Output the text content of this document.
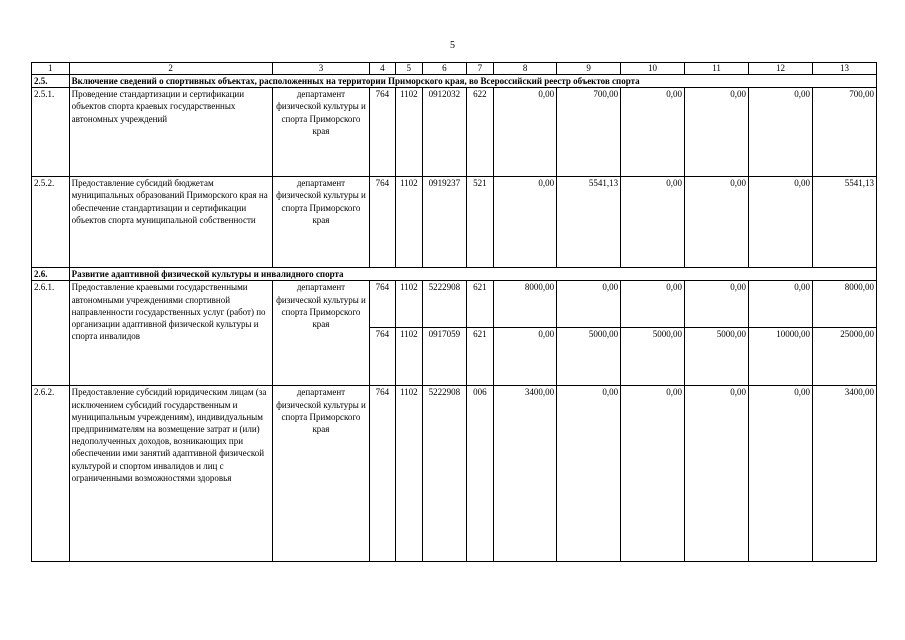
5
1	2	3	4	5	6	7	8	9	10	11	12	13
2.5.	Включение сведений о спортивных объектах, расположенных на территории Приморского края, во Всероссийский реестр объектов спорта											
2.5.1.	Проведение стандартизации и сертификации объектов спорта краевых государственных автономных учреждений	департамент физической культуры и спорта Приморского края	764	1102	0912032	622	0,00	700,00	0,00	0,00	0,00	700,00
2.5.2.	Предоставление субсидий бюджетам муниципальных образований Приморского края на обеспечение стандартизации и сертификации объектов спорта муниципальной собственности	департамент физической культуры и спорта Приморского края	764	1102	0919237	521	0,00	5541,13	0,00	0,00	0,00	5541,13
2.6.	Развитие адаптивной физической культуры и инвалидного спорта											
2.6.1.	Предоставление краевыми государственными автономными учреждениями спортивной направленности государственных услуг (работ) по организации адаптивной физической культуры и спорта инвалидов	департамент физической культуры и спорта Приморского края	764	1102	5222908	621	8000,00	0,00	0,00	0,00	0,00	8000,00
			764	1102	0917059	621	0,00	5000,00	5000,00	5000,00	10000,00	25000,00
2.6.2.	Предоставление субсидий юридическим лицам (за исключением субсидий государственным и муниципальным учреждениям), индивидуальным предпринимателям на возмещение затрат и (или) недополученных доходов, возникающих при обеспечении ими занятий адаптивной физической культурой и спортом инвалидов и лиц с ограниченными возможностями здоровья	департамент физической культуры и спорта Приморского края	764	1102	5222908	006	3400,00	0,00	0,00	0,00	0,00	3400,00
